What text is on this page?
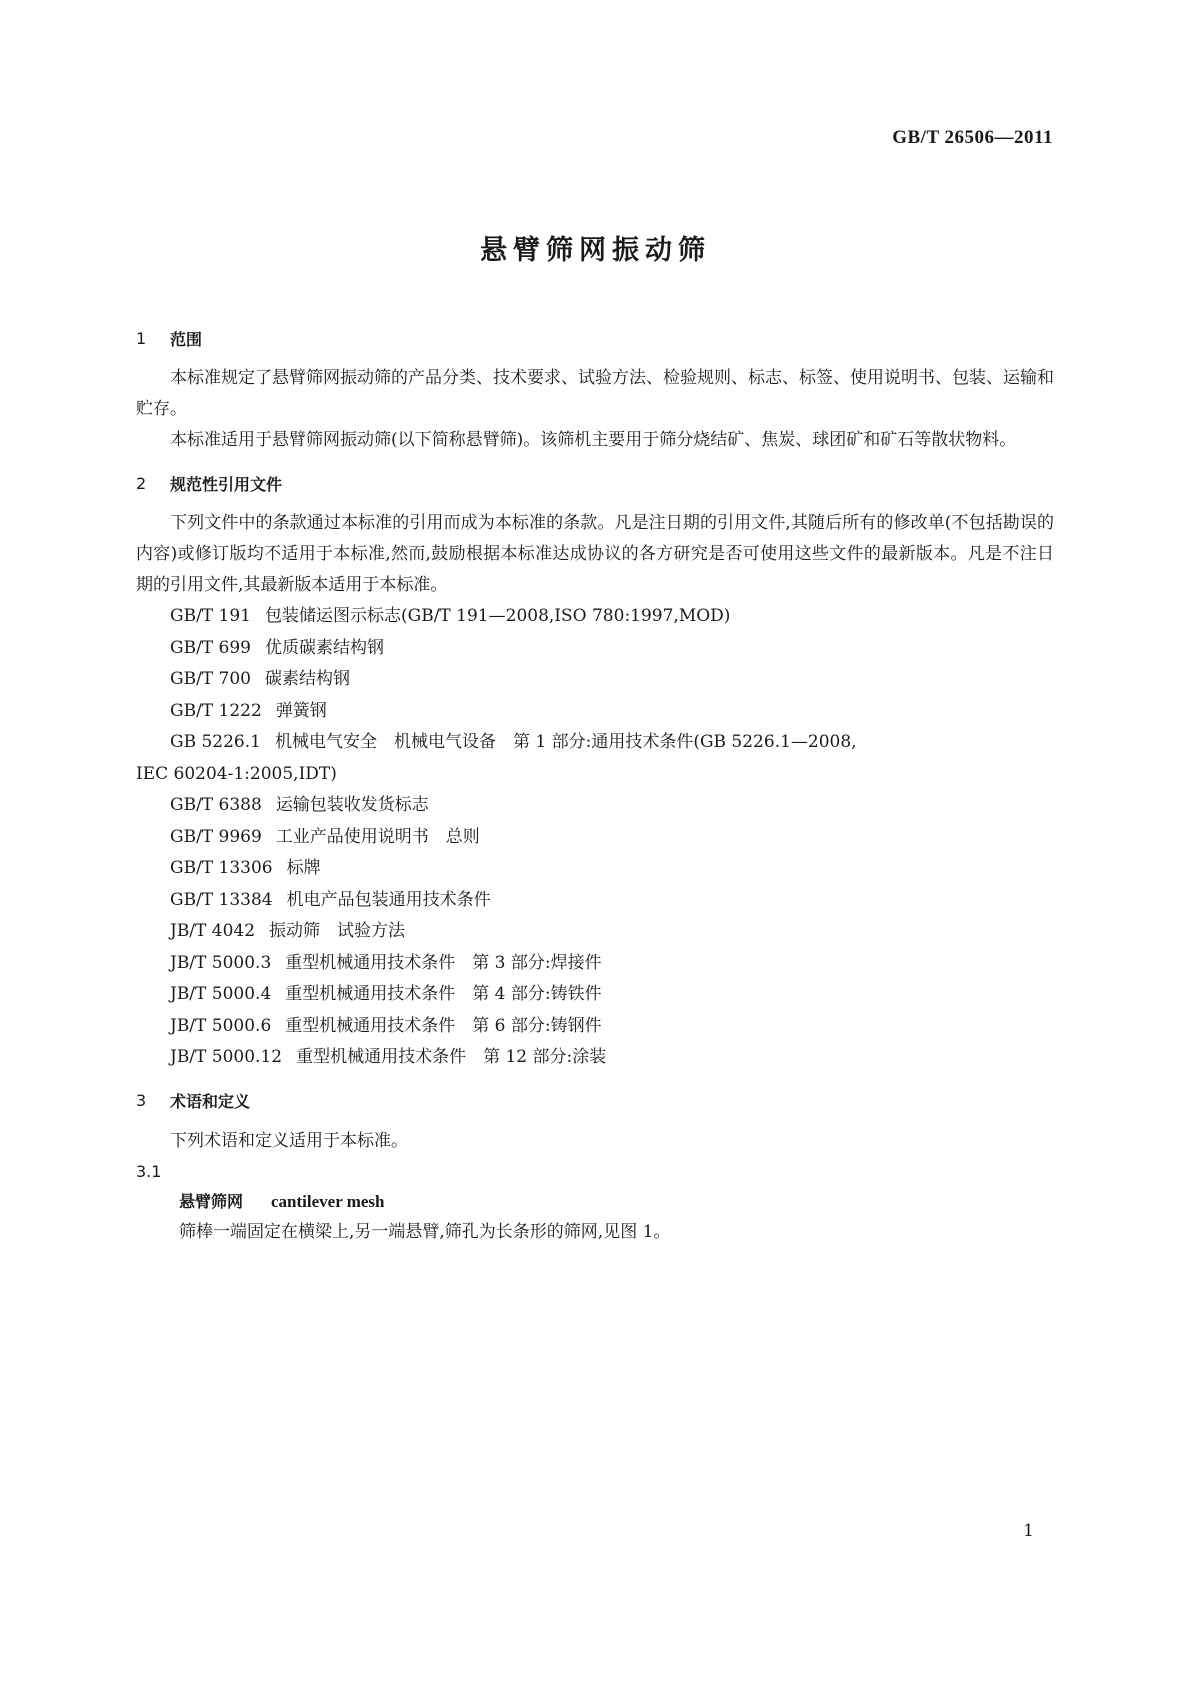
GB/T 26506—2011
悬臂筛网振动筛
1	范围

本标准规定了悬臂筛网振动筛的产品分类、技术要求、试验方法、检验规则、标志、标签、使用说明书、包装、运输和贮存。

本标准适用于悬臂筛网振动筛(以下简称悬臂筛)。该筛机主要用于筛分烧结矿、焦炭、球团矿和矿石等散状物料。

2	规范性引用文件

下列文件中的条款通过本标准的引用而成为本标准的条款。凡是注日期的引用文件,其随后所有的修改单(不包括勘误的内容)或修订版均不适用于本标准,然而,鼓励根据本标准达成协议的各方研究是否可使用这些文件的最新版本。凡是不注日期的引用文件,其最新版本适用于本标准。

GB/T 191 包装储运图示标志(GB/T 191—2008,ISO 780:1997,MOD)
GB/T 699 优质碳素结构钢
GB/T 700 碳素结构钢
GB/T 1222 弹簧钢
GB 5226.1 机械电气安全　机械电气设备　第 1 部分:通用技术条件(GB 5226.1—2008,
IEC 60204-1:2005,IDT)
GB/T 6388 运输包装收发货标志
GB/T 9969 工业产品使用说明书　总则
GB/T 13306 标牌
GB/T 13384 机电产品包装通用技术条件
JB/T 4042 振动筛　试验方法
JB/T 5000.3 重型机械通用技术条件　第 3 部分:焊接件
JB/T 5000.4 重型机械通用技术条件　第 4 部分:铸铁件
JB/T 5000.6 重型机械通用技术条件　第 6 部分:铸钢件
JB/T 5000.12 重型机械通用技术条件　第 12 部分:涂装
3	术语和定义

下列术语和定义适用于本标准。

3.1
悬臂筛网 cantilever mesh
筛棒一端固定在横梁上,另一端悬臂,筛孔为长条形的筛网,见图 1。
1
